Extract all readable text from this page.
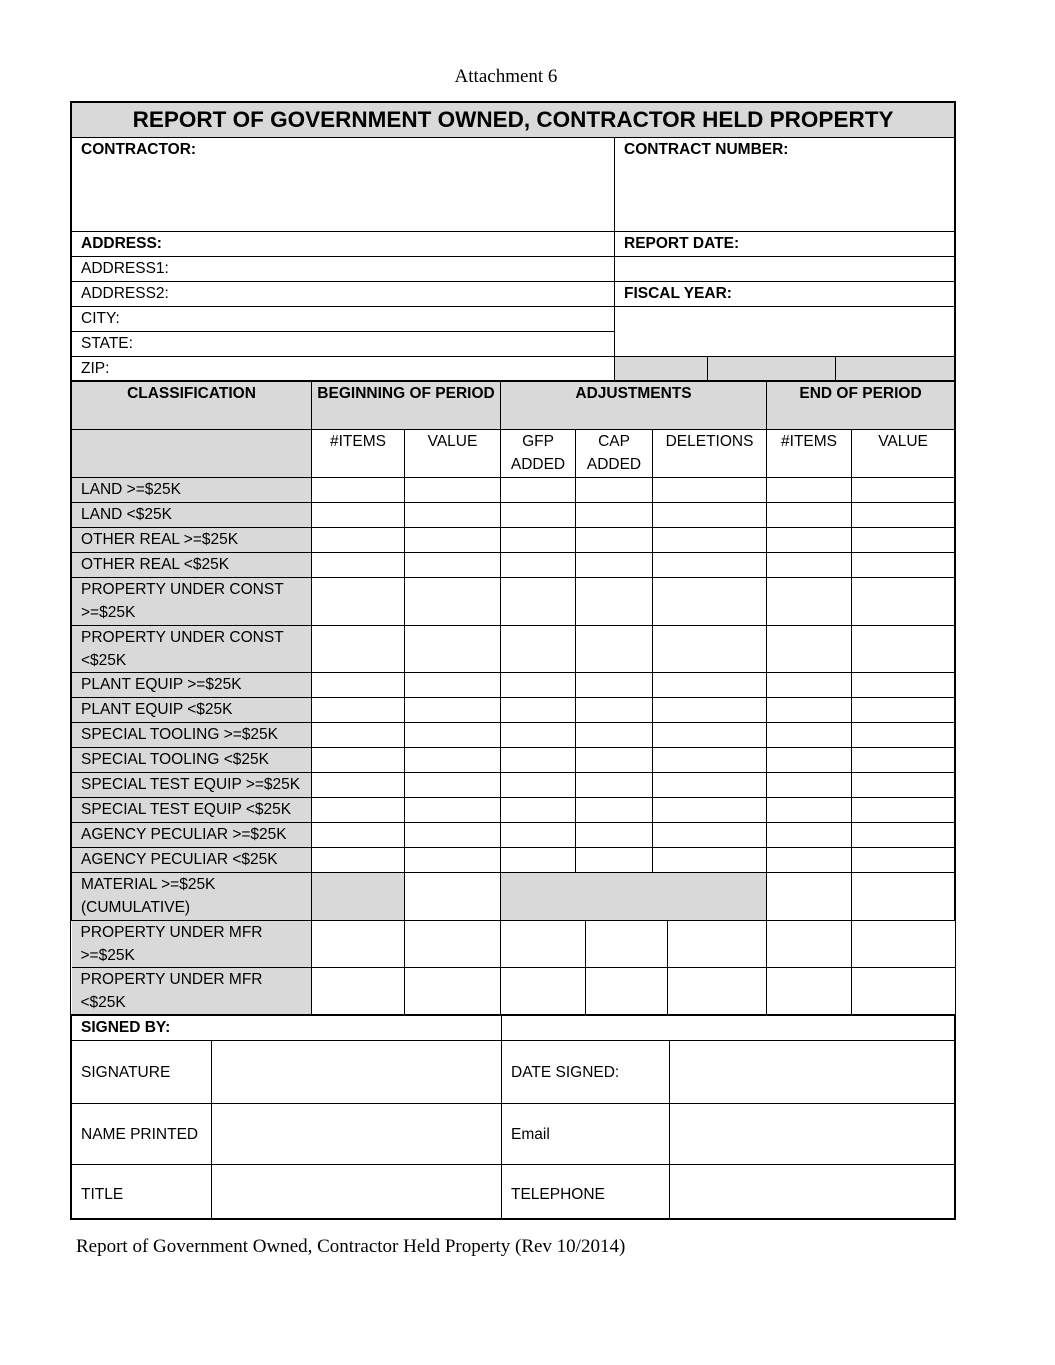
Attachment 6
REPORT OF GOVERNMENT OWNED, CONTRACTOR HELD PROPERTY			
CONTRACTOR:	CONTRACT NUMBER:		
ADDRESS:	REPORT DATE:		
ADDRESS1:			
ADDRESS2:	FISCAL YEAR:		
CITY:			
STATE:			
ZIP:			
CLASSIFICATION	BEGINNING OF PERIOD	ADJUSTMENTS	END OF PERIOD
	#ITEMS	VALUE	GFP ADDED	CAP ADDED	DELETIONS	#ITEMS	VALUE
LAND >=$25K							
LAND <$25K							
OTHER REAL >=$25K							
OTHER REAL <$25K							
PROPERTY UNDER CONST >=$25K							
PROPERTY UNDER CONST <$25K							
PLANT EQUIP >=$25K							
PLANT EQUIP <$25K							
SPECIAL TOOLING >=$25K							
SPECIAL TOOLING <$25K							
SPECIAL TEST EQUIP >=$25K							
SPECIAL TEST EQUIP <$25K							
AGENCY PECULIAR >=$25K							
AGENCY PECULIAR <$25K							
MATERIAL >=$25K (CUMULATIVE)					

PROPERTY UNDER MFR >=$25K							
PROPERTY UNDER MFR <$25K							
SIGNED BY:			
SIGNATURE		DATE SIGNED:	
NAME PRINTED		Email	
TITLE		TELEPHONE	
Report of Government Owned, Contractor Held Property (Rev 10/2014)
